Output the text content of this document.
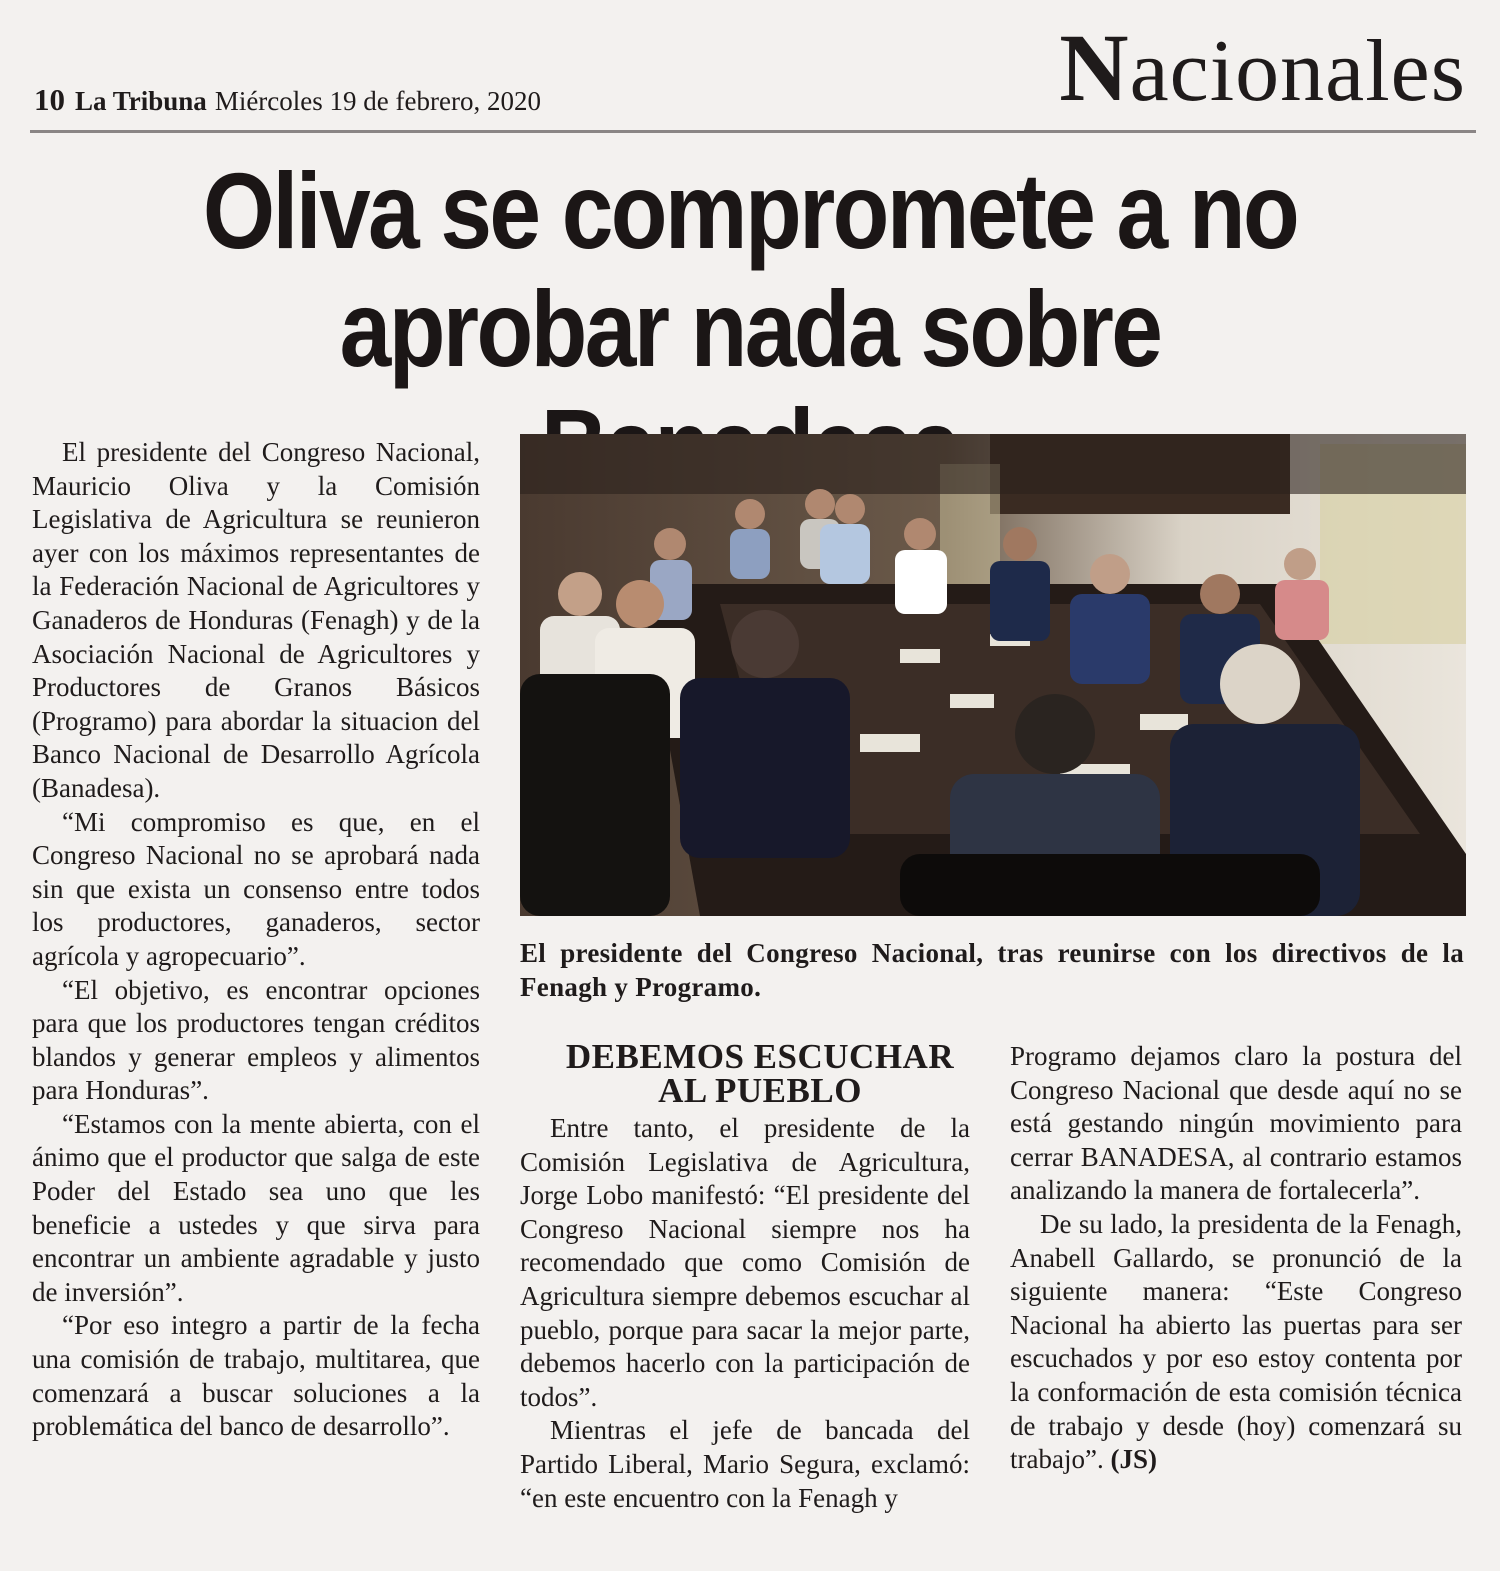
10 La Tribuna Miércoles 19 de febrero, 2020	Nacionales
Oliva se compromete a no
aprobar nada sobre

El presidente del Congreso Nacional, Mauricio Oliva y la Comisión Legislativa de Agricultura se reunieron ayer con los máximos representantes de la Federación Nacional de Agricultores y Ganaderos de Honduras (Fenagh) y de la Asociación Nacional de Agricultores y Productores de Granos Básicos (Programo) para abordar la situacion del Banco Nacional de Desarrollo Agrícola (Banadesa).

“Mi compromiso es que, en el Congreso Nacional no se aprobará nada sin que exista un consenso entre todos los productores, ganaderos, sector agrícola y agropecuario”.

“El objetivo, es encontrar opciones para que los productores tengan créditos blandos y generar empleos y alimentos para Honduras”.

“Estamos con la mente abierta, con el ánimo que el productor que salga de este Poder del Estado sea uno que les beneficie a ustedes y que sirva para encontrar un ambiente agradable y justo de inversión”.

“Por eso integro a partir de la fecha una comisión de trabajo, multitarea, que comenzará a buscar soluciones a la problemática del banco de desarrollo”.

El presidente del Congreso Nacional, tras reunirse con los directivos de la Fenagh y Programo.
DEBEMOS ESCUCHAR
AL PUEBLO

Entre tanto, el presidente de la Comisión Legislativa de Agricultura, Jorge Lobo manifestó: “El presidente del Congreso Nacional siempre nos ha recomendado que como Comisión de Agricultura siempre debemos escuchar al pueblo, porque para sacar la mejor parte, debemos hacerlo con la participación de todos”.

Mientras el jefe de bancada del Partido Liberal, Mario Segura, exclamó: “en este encuentro con la Fenagh y

Programo dejamos claro la postura del Congreso Nacional que desde aquí no se está gestando ningún movimiento para cerrar BANADESA, al contrario estamos analizando la manera de fortalecerla”.

De su lado, la presidenta de la Fenagh, Anabell Gallardo, se pronunció de la siguiente manera: “Este Congreso Nacional ha abierto las puertas para ser escuchados y por eso estoy contenta por la conformación de esta comisión técnica de trabajo y desde (hoy) comenzará su trabajo”. (JS)
